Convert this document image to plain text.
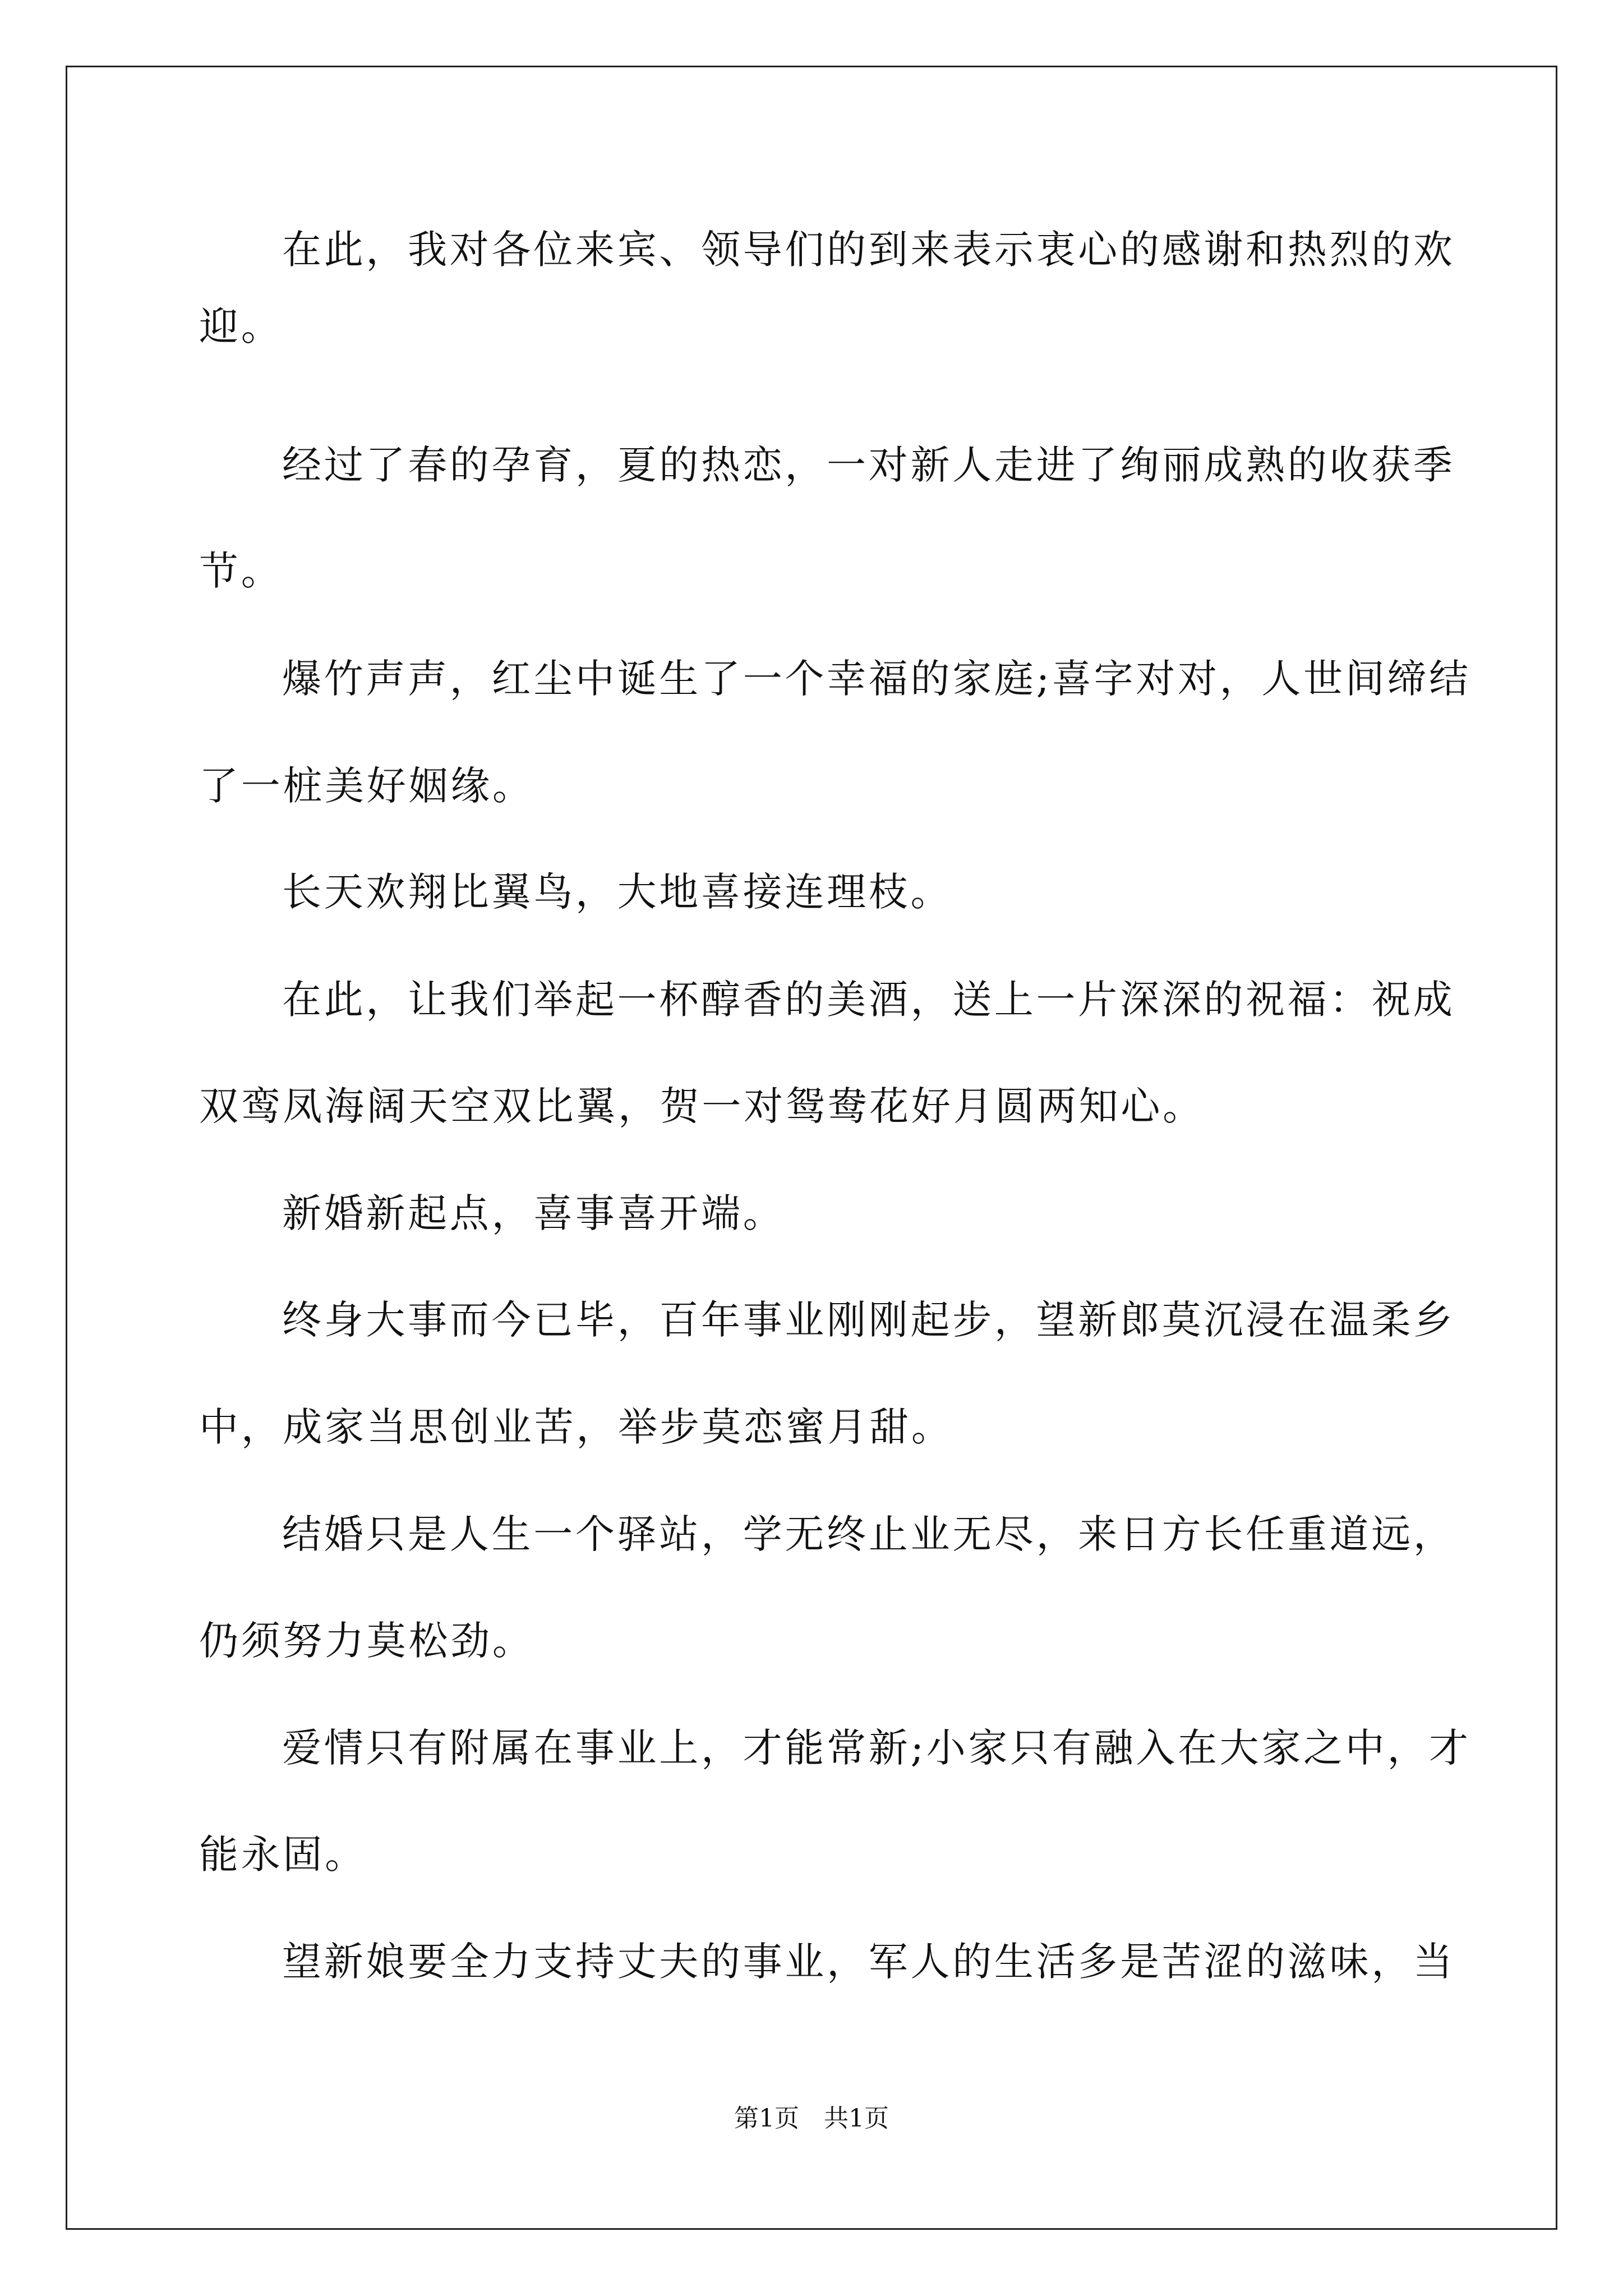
在此，我对各位来宾、领导们的到来表示衷心的感谢和热烈的欢
迎。
经过了春的孕育，夏的热恋，一对新人走进了绚丽成熟的收获季
节。
爆竹声声，红尘中诞生了一个幸福的家庭;喜字对对，人世间缔结
了一桩美好姻缘。
长天欢翔比翼鸟，大地喜接连理枝。
在此，让我们举起一杯醇香的美酒，送上一片深深的祝福：祝成
双鸾凤海阔天空双比翼，贺一对鸳鸯花好月圆两知心。
新婚新起点，喜事喜开端。
终身大事而今已毕，百年事业刚刚起步，望新郎莫沉浸在温柔乡
中，成家当思创业苦，举步莫恋蜜月甜。
结婚只是人生一个驿站，学无终止业无尽，来日方长任重道远，
仍须努力莫松劲。
爱情只有附属在事业上，才能常新;小家只有融入在大家之中，才
能永固。
望新娘要全力支持丈夫的事业，军人的生活多是苦涩的滋味，当
第1页　共1页
